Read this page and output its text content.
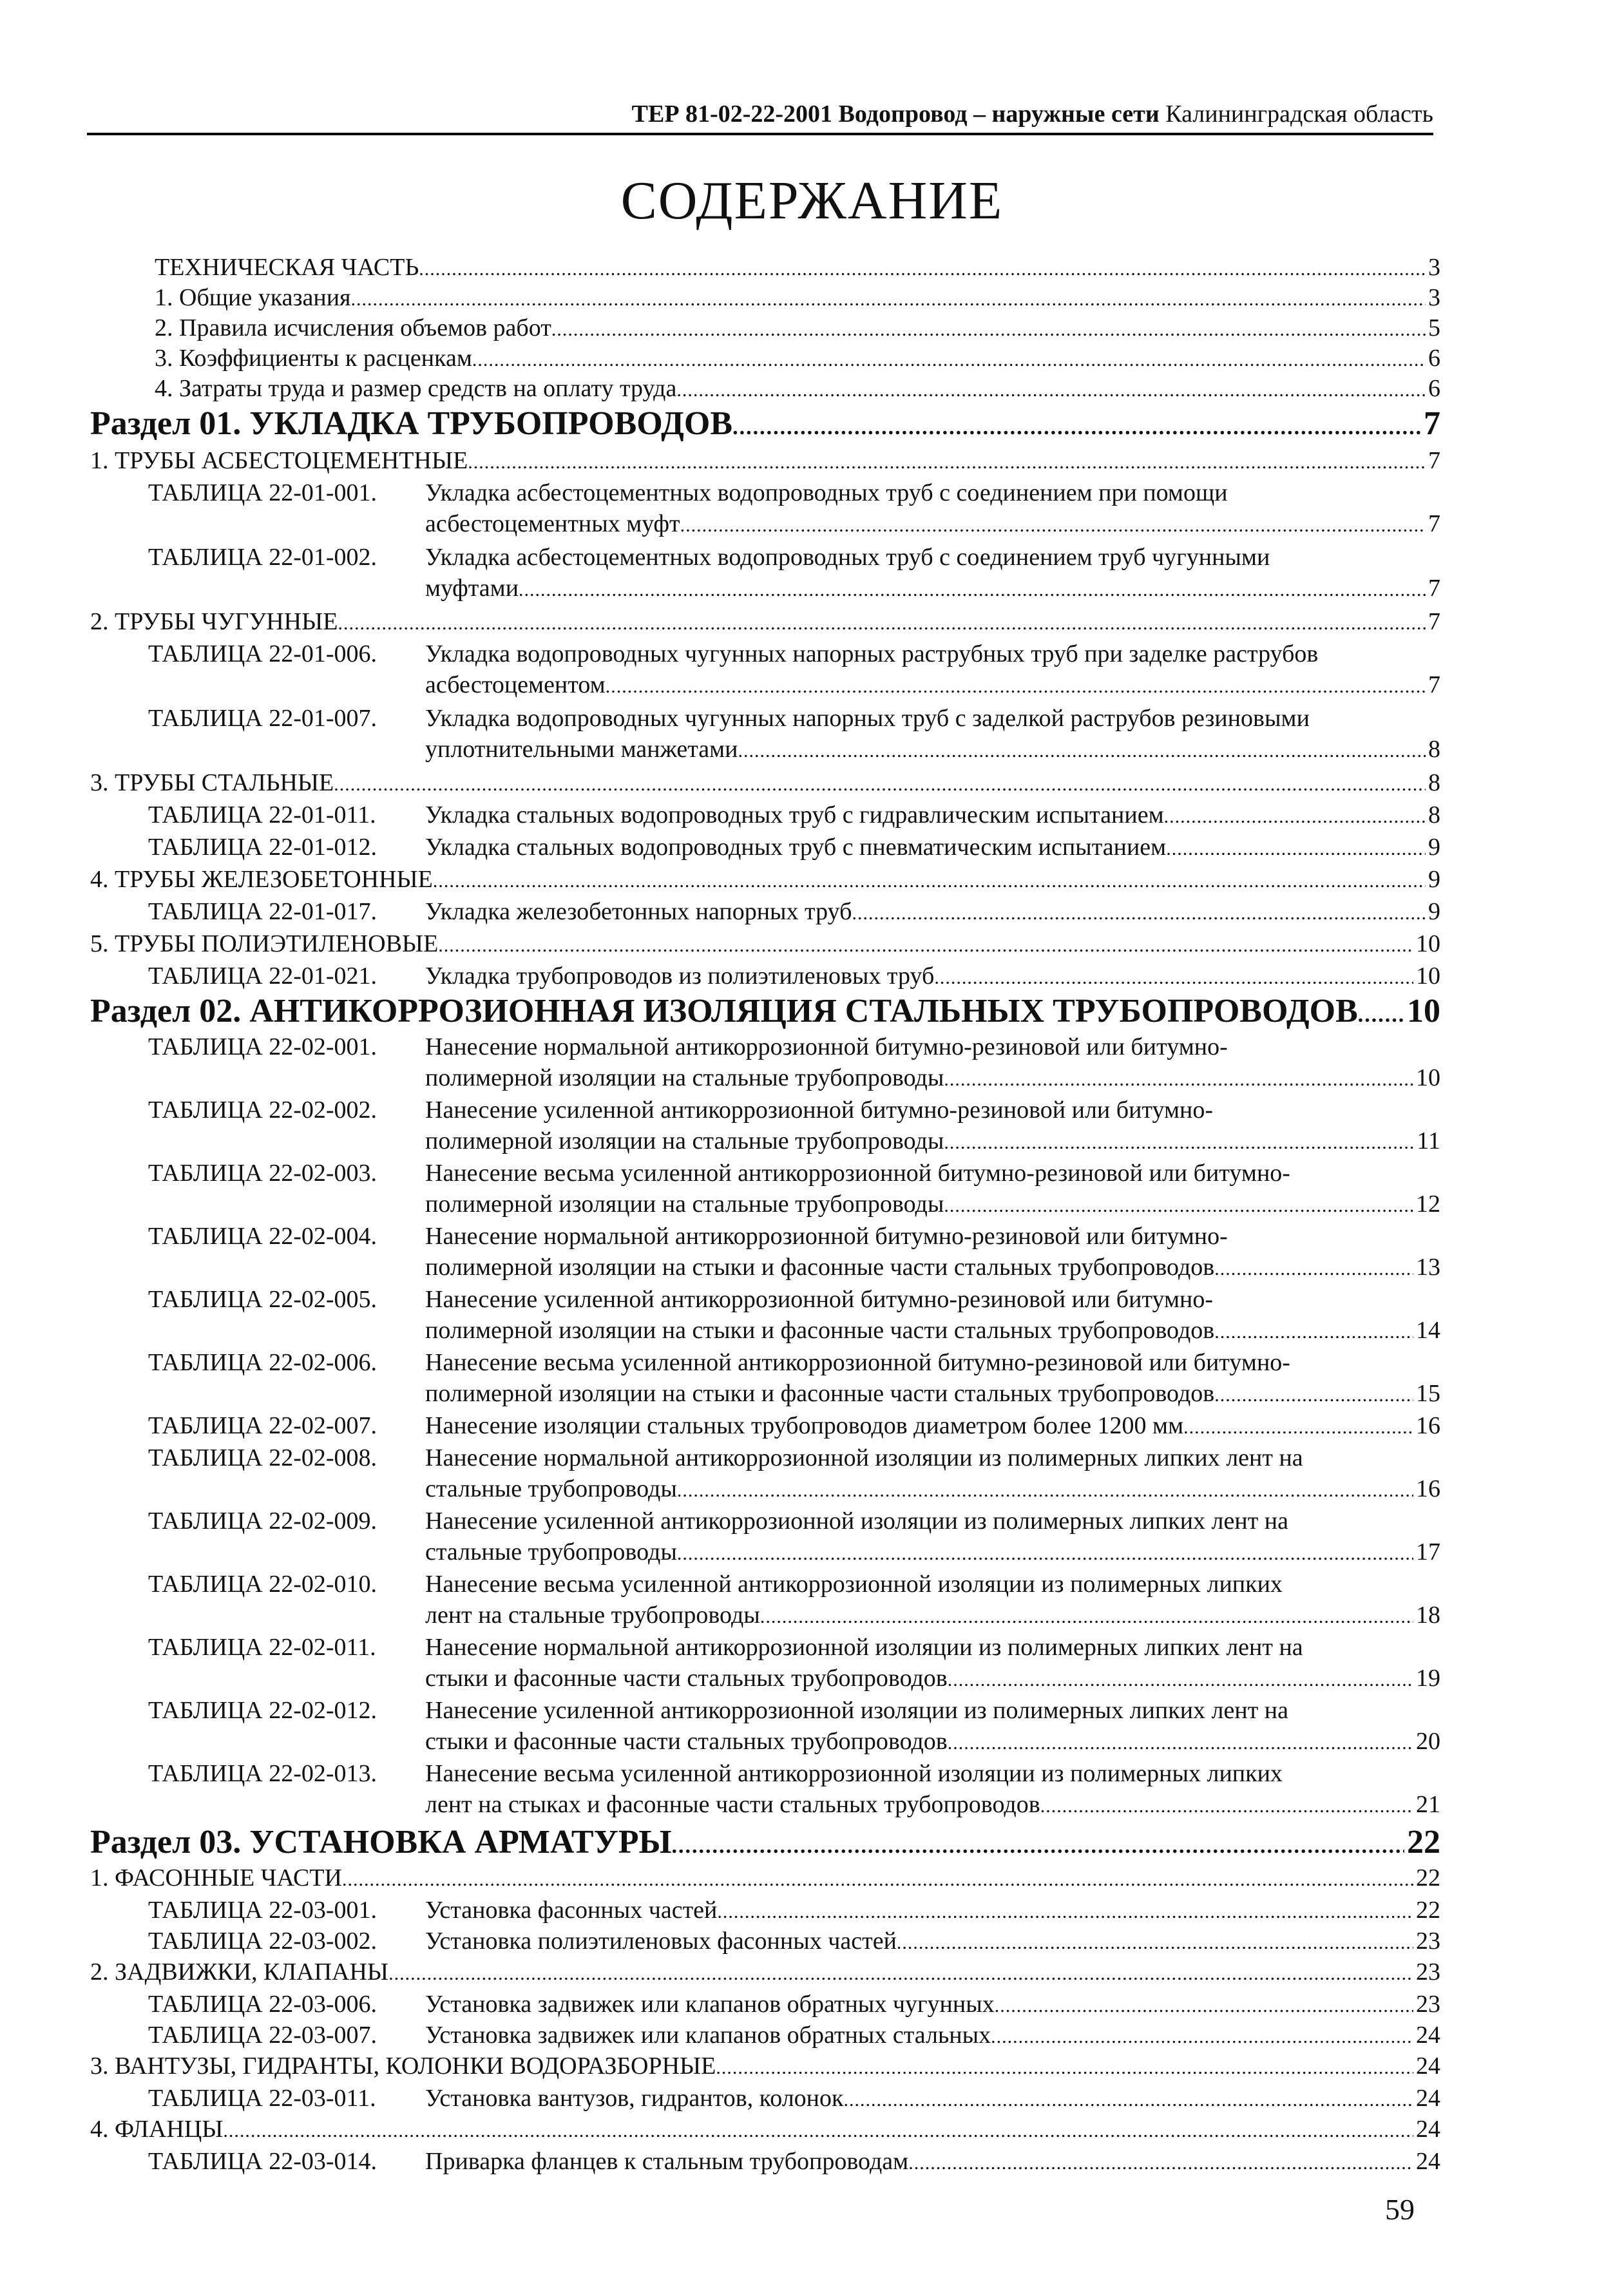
ТЕР 81-02-22-2001 Водопровод – наружные сети Калининградская область
СОДЕРЖАНИЕ
ТЕХНИЧЕСКАЯ ЧАСТЬ .....	3
1. Общие указания .....	3
2. Правила исчисления объемов работ .....	5
3. Коэффициенты к расценкам .....	6
4. Затраты труда и размер средств на оплату труда .....	6
Раздел 01. УКЛАДКА ТРУБОПРОВОДОВ .....	7
1. ТРУБЫ АСБЕСТОЦЕМЕНТНЫЕ .....	7
ТАБЛИЦА 22-01-001. Укладка асбестоцементных водопроводных труб с соединением при помощи
асбестоцементных муфт .....	7
ТАБЛИЦА 22-01-002. Укладка асбестоцементных водопроводных труб с соединением труб чугунными
муфтами .....	7
2. ТРУБЫ ЧУГУННЫЕ .....	7
ТАБЛИЦА 22-01-006. Укладка водопроводных чугунных напорных раструбных труб при заделке раструбов
асбестоцементом .....	7
ТАБЛИЦА 22-01-007. Укладка водопроводных чугунных напорных труб с заделкой раструбов резиновыми
уплотнительными манжетами .....	8
3. ТРУБЫ СТАЛЬНЫЕ .....	8
ТАБЛИЦА 22-01-011. Укладка стальных водопроводных труб с гидравлическим испытанием .....	8
ТАБЛИЦА 22-01-012. Укладка стальных водопроводных труб с пневматическим испытанием .....	9
4. ТРУБЫ ЖЕЛЕЗОБЕТОННЫЕ .....	9
ТАБЛИЦА 22-01-017. Укладка железобетонных напорных труб .....	9
5. ТРУБЫ ПОЛИЭТИЛЕНОВЫЕ .....	10
ТАБЛИЦА 22-01-021. Укладка трубопроводов из полиэтиленовых труб .....	10
Раздел 02. АНТИКОРРОЗИОННАЯ ИЗОЛЯЦИЯ СТАЛЬНЫХ ТРУБОПРОВОДОВ ..... 10
ТАБЛИЦА 22-02-001. Нанесение нормальной антикоррозионной битумно-резиновой или битумно-
полимерной изоляции на стальные трубопроводы .....	10
ТАБЛИЦА 22-02-002. Нанесение усиленной антикоррозионной битумно-резиновой или битумно-
полимерной изоляции на стальные трубопроводы .....	11
ТАБЛИЦА 22-02-003. Нанесение весьма усиленной антикоррозионной битумно-резиновой или битумно-
полимерной изоляции на стальные трубопроводы .....	12
ТАБЛИЦА 22-02-004. Нанесение нормальной антикоррозионной битумно-резиновой или битумно-
полимерной изоляции на стыки и фасонные части стальных трубопроводов .....	13
ТАБЛИЦА 22-02-005. Нанесение усиленной антикоррозионной битумно-резиновой или битумно-
полимерной изоляции на стыки и фасонные части стальных трубопроводов .....	14
ТАБЛИЦА 22-02-006. Нанесение весьма усиленной антикоррозионной битумно-резиновой или битумно-
полимерной изоляции на стыки и фасонные части стальных трубопроводов .....	15
ТАБЛИЦА 22-02-007. Нанесение изоляции стальных трубопроводов диаметром более 1200 мм .....	16
ТАБЛИЦА 22-02-008. Нанесение нормальной антикоррозионной изоляции из полимерных липких лент на
стальные трубопроводы .....	16
ТАБЛИЦА 22-02-009. Нанесение усиленной антикоррозионной изоляции из полимерных липких лент на
стальные трубопроводы .....	17
ТАБЛИЦА 22-02-010. Нанесение весьма усиленной антикоррозионной изоляции из полимерных липких
лент на стальные трубопроводы .....	18
ТАБЛИЦА 22-02-011. Нанесение нормальной антикоррозионной изоляции из полимерных липких лент на
стыки и фасонные части стальных трубопроводов .....	19
ТАБЛИЦА 22-02-012. Нанесение усиленной антикоррозионной изоляции из полимерных липких лент на
стыки и фасонные части стальных трубопроводов .....	20
ТАБЛИЦА 22-02-013. Нанесение весьма усиленной антикоррозионной изоляции из полимерных липких
лент на стыках и фасонные части стальных трубопроводов .....	21
Раздел 03. УСТАНОВКА АРМАТУРЫ .....	22
1. ФАСОННЫЕ ЧАСТИ .....	22
ТАБЛИЦА 22-03-001. Установка фасонных частей .....	22
ТАБЛИЦА 22-03-002. Установка полиэтиленовых фасонных частей .....	23
2. ЗАДВИЖКИ, КЛАПАНЫ .....	23
ТАБЛИЦА 22-03-006. Установка задвижек или клапанов обратных чугунных .....	23
ТАБЛИЦА 22-03-007. Установка задвижек или клапанов обратных стальных .....	24
3. ВАНТУЗЫ, ГИДРАНТЫ, КОЛОНКИ ВОДОРАЗБОРНЫЕ .....	24
ТАБЛИЦА 22-03-011. Установка вантузов, гидрантов, колонок .....	24
4. ФЛАНЦЫ .....	24
ТАБЛИЦА 22-03-014. Приварка фланцев к стальным трубопроводам .....	24
59
